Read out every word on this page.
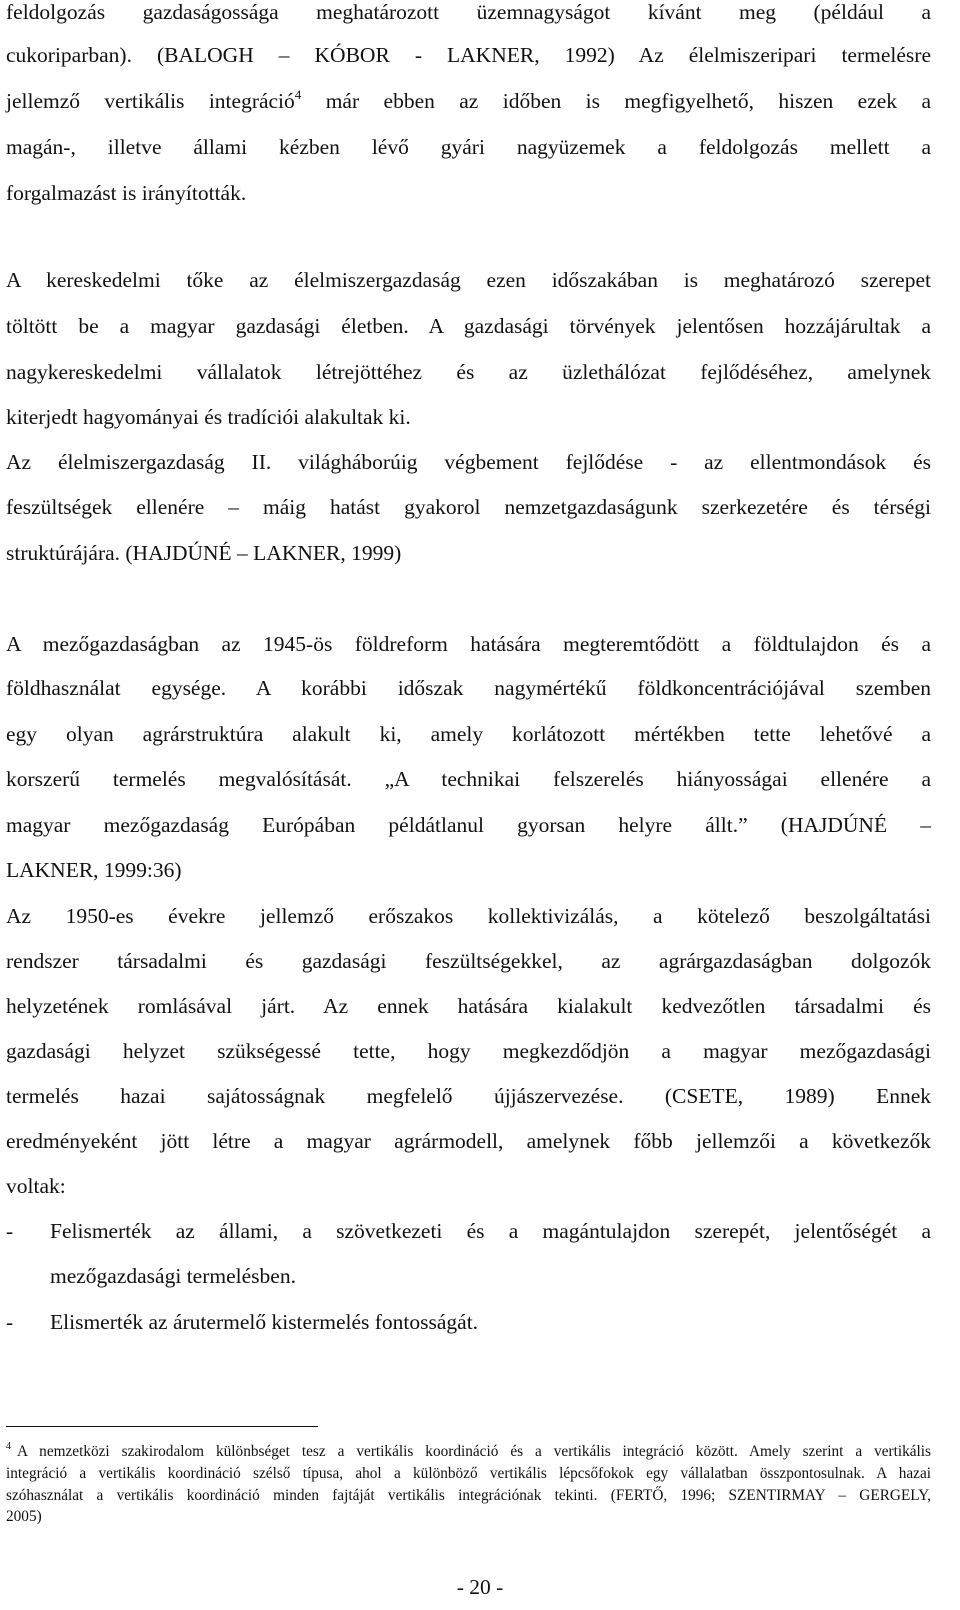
feldolgozás gazdaságossága meghatározott üzemnagyságot kívánt meg (például a
cukoriparban). (BALOGH – KÓBOR - LAKNER, 1992) Az élelmiszeripari termelésre
jellemző vertikális integráció$^4$ már ebben az időben is megfigyelhető, hiszen ezek a
magán-, illetve állami kézben lévő gyári nagyüzemek a feldolgozás mellett a
forgalmazást is irányították.
A kereskedelmi tőke az élelmiszergazdaság ezen időszakában is meghatározó szerepet
töltött be a magyar gazdasági életben. A gazdasági törvények jelentősen hozzájárultak a
nagykereskedelmi vállalatok létrejöttéhez és az üzlethálózat fejlődéséhez, amelynek
kiterjedt hagyományai és tradíciói alakultak ki.
Az élelmiszergazdaság II. világháborúig végbement fejlődése - az ellentmondások és
feszültségek ellenére – máig hatást gyakorol nemzetgazdaságunk szerkezetére és térségi
struktúrájára. (HAJDÚNÉ – LAKNER, 1999)
A mezőgazdaságban az 1945-ös földreform hatására megteremtődött a földtulajdon és a
földhasználat egysége. A korábbi időszak nagymértékű földkoncentrációjával szemben
egy olyan agrárstruktúra alakult ki, amely korlátozott mértékben tette lehetővé a
korszerű termelés megvalósítását. „A technikai felszerelés hiányosságai ellenére a
magyar mezőgazdaság Európában példátlanul gyorsan helyre állt.” (HAJDÚNÉ –
LAKNER, 1999:36)
Az 1950-es évekre jellemző erőszakos kollektivizálás, a kötelező beszolgáltatási
rendszer társadalmi és gazdasági feszültségekkel, az agrárgazdaságban dolgozók
helyzetének romlásával járt. Az ennek hatására kialakult kedvezőtlen társadalmi és
gazdasági helyzet szükségessé tette, hogy megkezdődjön a magyar mezőgazdasági
termelés hazai sajátosságnak megfelelő újjászervezése. (CSETE, 1989) Ennek
eredményeként jött létre a magyar agrármodell, amelynek főbb jellemzői a következők
voltak:
- Felismerték az állami, a szövetkezeti és a magántulajdon szerepét, jelentőségét a
mezőgazdasági termelésben.
- Elismerték az árutermelő kistermelés fontosságát.
$^4$ A nemzetközi szakirodalom különbséget tesz a vertikális koordináció és a vertikális integráció között. Amely szerint a vertikális
integráció a vertikális koordináció szélső típusa, ahol a különböző vertikális lépcsőfokok egy vállalatban összpontosulnak. A hazai
szóhasználat a vertikális koordináció minden fajtáját vertikális integrációnak tekinti. (FERTŐ, 1996; SZENTIRMAY – GERGELY,
2005)
- 20 -
